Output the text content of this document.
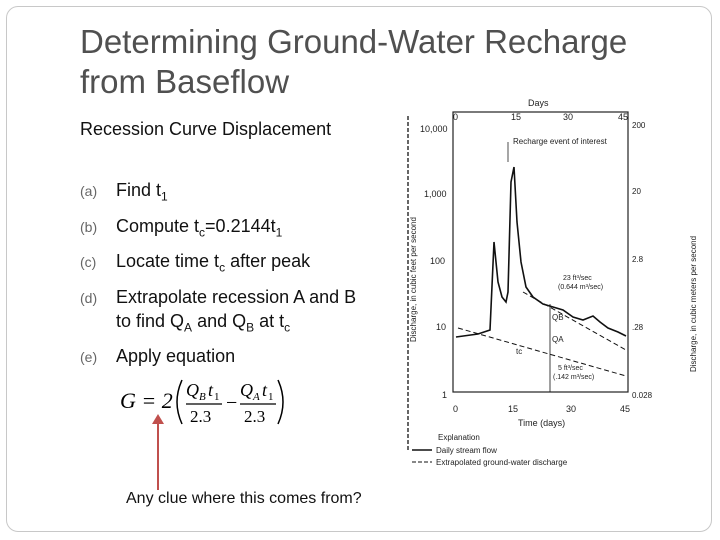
Determining Ground-Water Recharge from Baseflow
Recession Curve Displacement
(a) Find $t_1$
(b) Compute $t_c=0.2144t_1$
(c) Locate time $t_c$ after peak
(d) Extrapolate recession A and B to find $Q_A$ and $Q_B$ at $t_c$
(e) Apply equation
G = 2 Q B t 1
2.3
−
Q A t 1
2.3
Any clue where this comes from?
Days
0	15	30	45
10,000
1,000
100
10
1
200
20
2.8
.28
0.028
Discharge, in cubic feet per second	Discharge, in cubic meters per second
0	15	30	45
Time (days)
Recharge event of interest
QB
QA
tc
23 ft³/sec
(0.644 m³/sec)
5 ft³/sec
(.142 m³/sec)
Explanation
Daily stream flow
Extrapolated ground-water discharge
